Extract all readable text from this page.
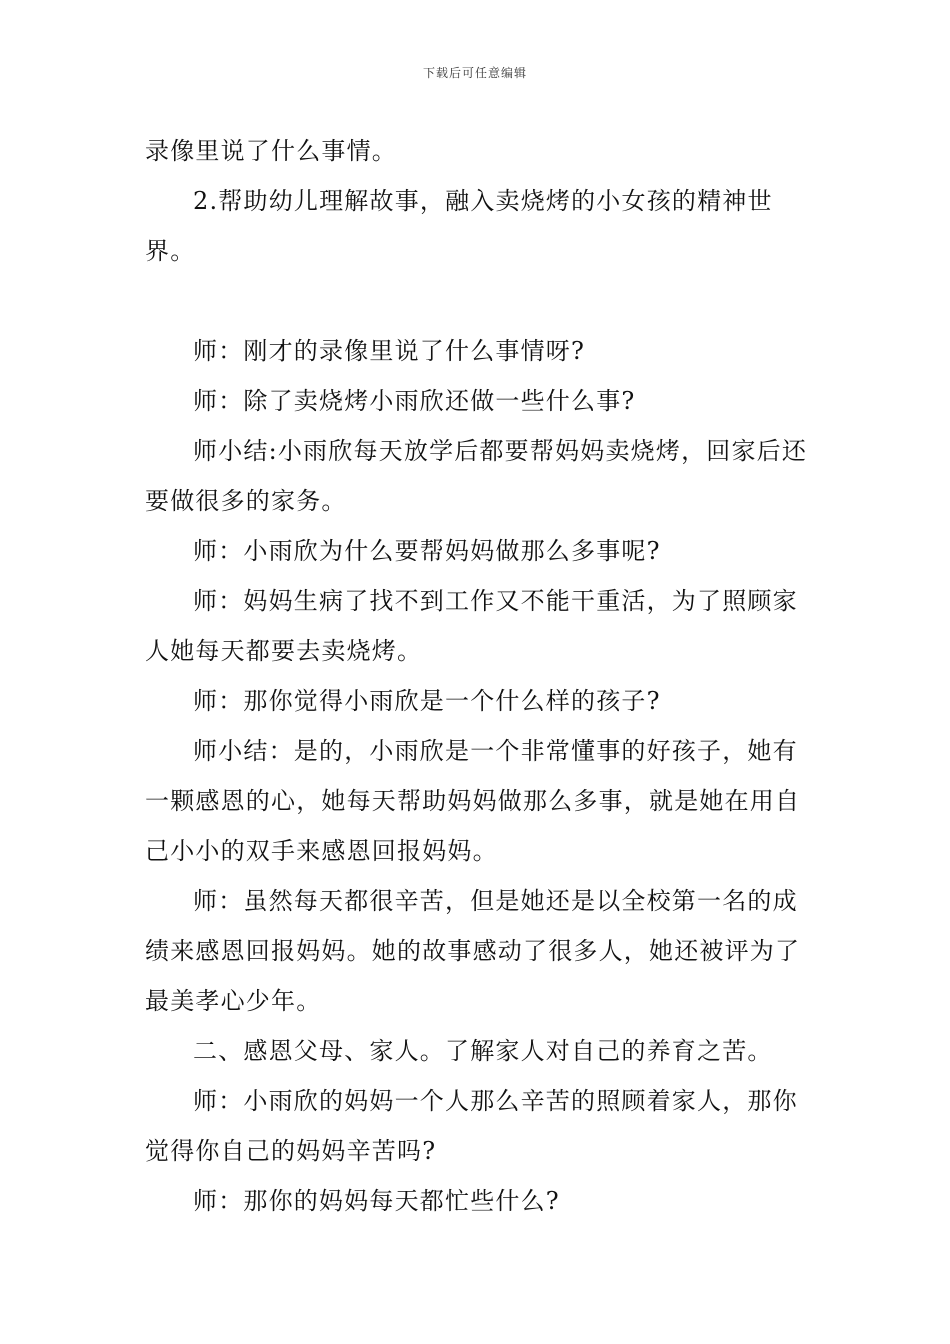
下载后可任意编辑

录像里说了什么事情。

2.帮助幼儿理解故事，融入卖烧烤的小女孩的精神世界。

师：刚才的录像里说了什么事情呀?

师：除了卖烧烤小雨欣还做一些什么事?

师小结:小雨欣每天放学后都要帮妈妈卖烧烤，回家后还要做很多的家务。

师：小雨欣为什么要帮妈妈做那么多事呢?

师：妈妈生病了找不到工作又不能干重活，为了照顾家人她每天都要去卖烧烤。

师：那你觉得小雨欣是一个什么样的孩子?

师小结：是的，小雨欣是一个非常懂事的好孩子，她有一颗感恩的心，她每天帮助妈妈做那么多事，就是她在用自己小小的双手来感恩回报妈妈。

师：虽然每天都很辛苦，但是她还是以全校第一名的成绩来感恩回报妈妈。她的故事感动了很多人，她还被评为了最美孝心少年。

二、感恩父母、家人。了解家人对自己的养育之苦。

师：小雨欣的妈妈一个人那么辛苦的照顾着家人，那你觉得你自己的妈妈辛苦吗?

师：那你的妈妈每天都忙些什么?
